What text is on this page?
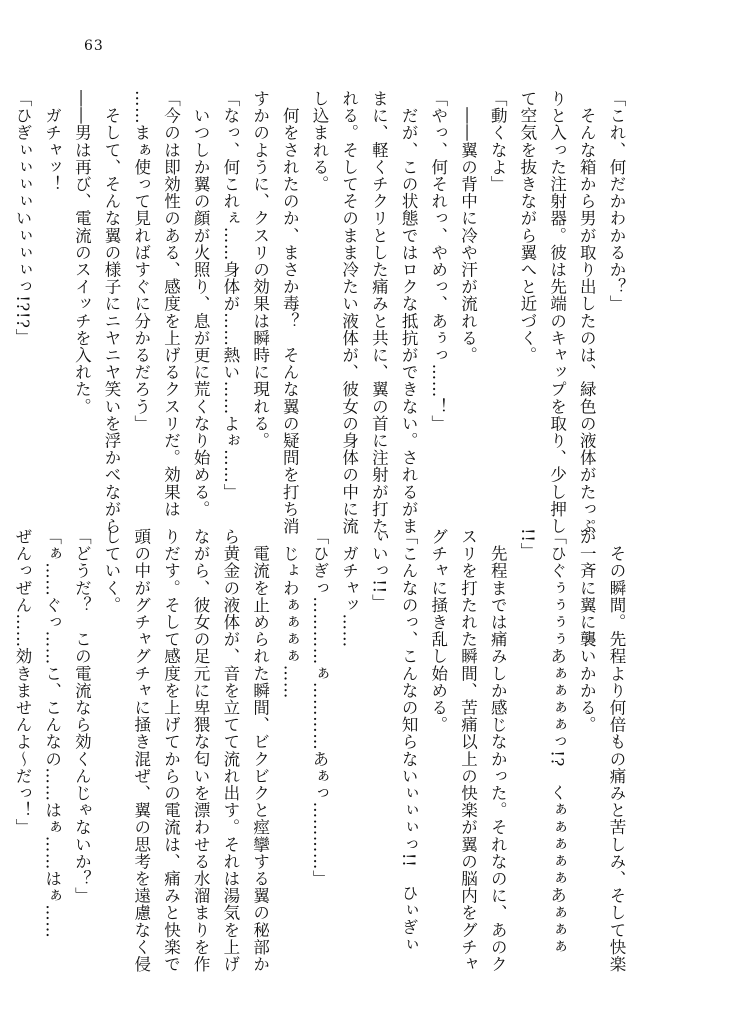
63

「これ、何だかわかるか？」

　そんな箱から男が取り出したのは、緑色の液体がたっぷ

りと入った注射器。彼は先端のキャップを取り、少し押し

て空気を抜きながら翼へと近づく。

「動くなよ」

　――翼の背中に冷や汗が流れる。

「やっ、何それっ、やめっ、あぅっ……！」

　だが、この状態ではロクな抵抗ができない。されるがま

まに、軽くチクリとした痛みと共に、翼の首に注射が打た

れる。そしてそのまま冷たい液体が、彼女の身体の中に流

し込まれる。

　何をされたのか、まさか毒？　そんな翼の疑問を打ち消

すかのように、クスリの効果は瞬時に現れる。

「なっ、何これぇ……身体が……熱い……よぉ……」

　いつしか翼の顔が火照り、息が更に荒くなり始める。

「今のは即効性のある、感度を上げるクスリだ。効果は

……まぁ使って見ればすぐに分かるだろう」

　そして、そんな翼の様子にニヤニヤ笑いを浮かべながら

――男は再び、電流のスイッチを入れた。

　ガチャッ！

「ひぎぃぃぃぃいぃぃぃっ!?!?」

　その瞬間。先程より何倍もの痛みと苦しみ、そして快楽

が一斉に翼に襲いかかる。

「ひぐぅぅぅぅあぁぁぁぁっ!?　くぁぁぁぁぁあぁぁぁ

!!」

　先程までは痛みしか感じなかった。それなのに、あのク

スリを打たれた瞬間、苦痛以上の快楽が翼の脳内をグチャ

グチャに掻き乱し始める。

「こんなのっ、こんなの知らないぃぃぃっ!!　ひぃぎぃ

ぃいっ!!」

　ガチャッ……

「ひぎっ…………ぁ…………あぁっ…………」

　じょわぁぁぁぁ……

　電流を止められた瞬間、ビクビクと痙攣する翼の秘部か

ら黄金の液体が、音を立てて流れ出す。それは湯気を上げ

ながら、彼女の足元に卑猥な匂いを漂わせる水溜まりを作

りだす。そして感度を上げてからの電流は、痛みと快楽で

頭の中がグチャグチャに掻き混ぜ、翼の思考を遠慮なく侵

していく。

「どうだ？　この電流なら効くんじゃないか？」

「ぁ……ぐっ……こ、こんなの……はぁ……はぁ……

ぜんっぜん……効きませんよ～だっ！」
